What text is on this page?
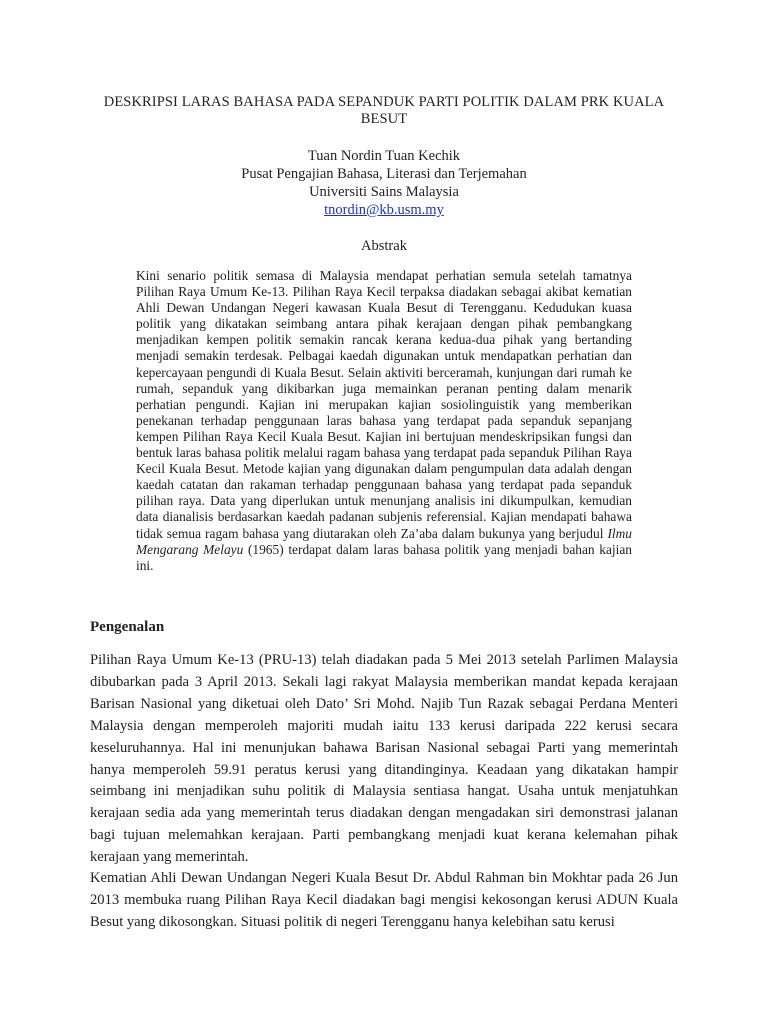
DESKRIPSI LARAS BAHASA PADA SEPANDUK PARTI POLITIK DALAM PRK KUALA BESUT
Tuan Nordin Tuan Kechik
Pusat Pengajian Bahasa, Literasi dan Terjemahan
Universiti Sains Malaysia
tnordin@kb.usm.my
Abstrak
Kini senario politik semasa di Malaysia mendapat perhatian semula setelah tamatnya Pilihan Raya Umum Ke-13. Pilihan Raya Kecil terpaksa diadakan sebagai akibat kematian Ahli Dewan Undangan Negeri kawasan Kuala Besut di Terengganu. Kedudukan kuasa politik yang dikatakan seimbang antara pihak kerajaan dengan pihak pembangkang menjadikan kempen politik semakin rancak kerana kedua-dua pihak yang bertanding menjadi semakin terdesak. Pelbagai kaedah digunakan untuk mendapatkan perhatian dan kepercayaan pengundi di Kuala Besut. Selain aktiviti berceramah, kunjungan dari rumah ke rumah, sepanduk yang dikibarkan juga memainkan peranan penting dalam menarik perhatian pengundi. Kajian ini merupakan kajian sosiolinguistik yang memberikan penekanan terhadap penggunaan laras bahasa yang terdapat pada sepanduk sepanjang kempen Pilihan Raya Kecil Kuala Besut. Kajian ini bertujuan mendeskripsikan fungsi dan bentuk laras bahasa politik melalui ragam bahasa yang terdapat pada sepanduk Pilihan Raya Kecil Kuala Besut. Metode kajian yang digunakan dalam pengumpulan data adalah dengan kaedah catatan dan rakaman terhadap penggunaan bahasa yang terdapat pada sepanduk pilihan raya. Data yang diperlukan untuk menunjang analisis ini dikumpulkan, kemudian data dianalisis berdasarkan kaedah padanan subjenis referensial. Kajian mendapati bahawa tidak semua ragam bahasa yang diutarakan oleh Za’aba dalam bukunya yang berjudul Ilmu Mengarang Melayu (1965) terdapat dalam laras bahasa politik yang menjadi bahan kajian ini.
Pengenalan
Pilihan Raya Umum Ke-13 (PRU-13) telah diadakan pada 5 Mei 2013 setelah Parlimen Malaysia dibubarkan pada 3 April 2013. Sekali lagi rakyat Malaysia memberikan mandat kepada kerajaan Barisan Nasional yang diketuai oleh Dato’ Sri Mohd. Najib Tun Razak sebagai Perdana Menteri Malaysia dengan memperoleh majoriti mudah iaitu 133 kerusi daripada 222 kerusi secara keseluruhannya. Hal ini menunjukan bahawa Barisan Nasional sebagai Parti yang memerintah hanya memperoleh 59.91 peratus kerusi yang ditandinginya. Keadaan yang dikatakan hampir seimbang ini menjadikan suhu politik di Malaysia sentiasa hangat. Usaha untuk menjatuhkan kerajaan sedia ada yang memerintah terus diadakan dengan mengadakan siri demonstrasi jalanan bagi tujuan melemahkan kerajaan. Parti pembangkang menjadi kuat kerana kelemahan pihak kerajaan yang memerintah.
Kematian Ahli Dewan Undangan Negeri Kuala Besut Dr. Abdul Rahman bin Mokhtar pada 26 Jun 2013 membuka ruang Pilihan Raya Kecil diadakan bagi mengisi kekosongan kerusi ADUN Kuala Besut yang dikosongkan. Situasi politik di negeri Terengganu hanya kelebihan satu kerusi
